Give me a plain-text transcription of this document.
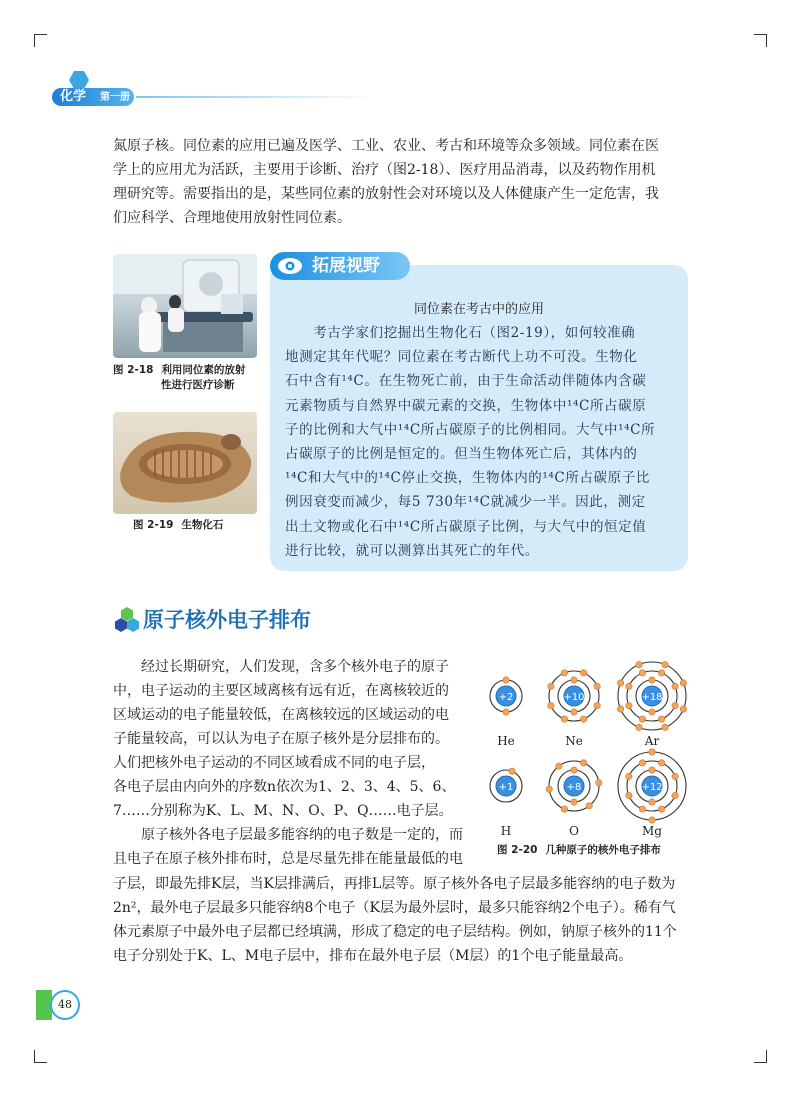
化学 第一册

氮原子核。同位素的应用已遍及医学、工业、农业、考古和环境等众多领域。同位素在医

学上的应用尤为活跃，主要用于诊断、治疗（图2-18）、医疗用品消毒，以及药物作用机

理研究等。需要指出的是，某些同位素的放射性会对环境以及人体健康产生一定危害，我

们应科学、合理地使用放射性同位素。

图 2-18 利用同位素的放射

性进行医疗诊断

图 2-19 生物化石

拓展视野

同位素在考古中的应用

　　考古学家们挖掘出生物化石（图2-19），如何较准确
地测定其年代呢？同位素在考古断代上功不可没。生物化
石中含有¹⁴C。在生物死亡前，由于生命活动伴随体内含碳
元素物质与自然界中碳元素的交换，生物体中¹⁴C所占碳原
子的比例和大气中¹⁴C所占碳原子的比例相同。大气中¹⁴C所
占碳原子的比例是恒定的。但当生物体死亡后，其体内的
¹⁴C和大气中的¹⁴C停止交换，生物体内的¹⁴C所占碳原子比
例因衰变而减少，每5 730年¹⁴C就减少一半。因此，测定
出土文物或化石中¹⁴C所占碳原子比例，与大气中的恒定值
进行比较，就可以测算出其死亡的年代。
原子核外电子排布

　　经过长期研究，人们发现，含多个核外电子的原子

中，电子运动的主要区域离核有远有近，在离核较近的

区域运动的电子能量较低，在离核较远的区域运动的电

子能量较高，可以认为电子在原子核外是分层排布的。

人们把核外电子运动的不同区域看成不同的电子层，

各电子层由内向外的序数n依次为1、2、3、4、5、6、

7……分别称为K、L、M、N、O、P、Q……电子层。

　　原子核外各电子层最多能容纳的电子数是一定的，而

且电子在原子核外排布时，总是尽量先排在能量最低的电

子层，即最先排K层，当K层排满后，再排L层等。原子核外各电子层最多能容纳的电子数为

2n²，最外电子层最多只能容纳8个电子（K层为最外层时，最多只能容纳2个电子）。稀有气

体元素原子中最外电子层都已经填满，形成了稳定的电子层结构。例如，钠原子核外的11个

电子分别处于K、L、M电子层中，排布在最外电子层（M层）的1个电子能量最高。

+2	+10	+18
+1	+8	+12
He	Ne	Ar
H	O	Mg

图 2-20 几种原子的核外电子排布

48
